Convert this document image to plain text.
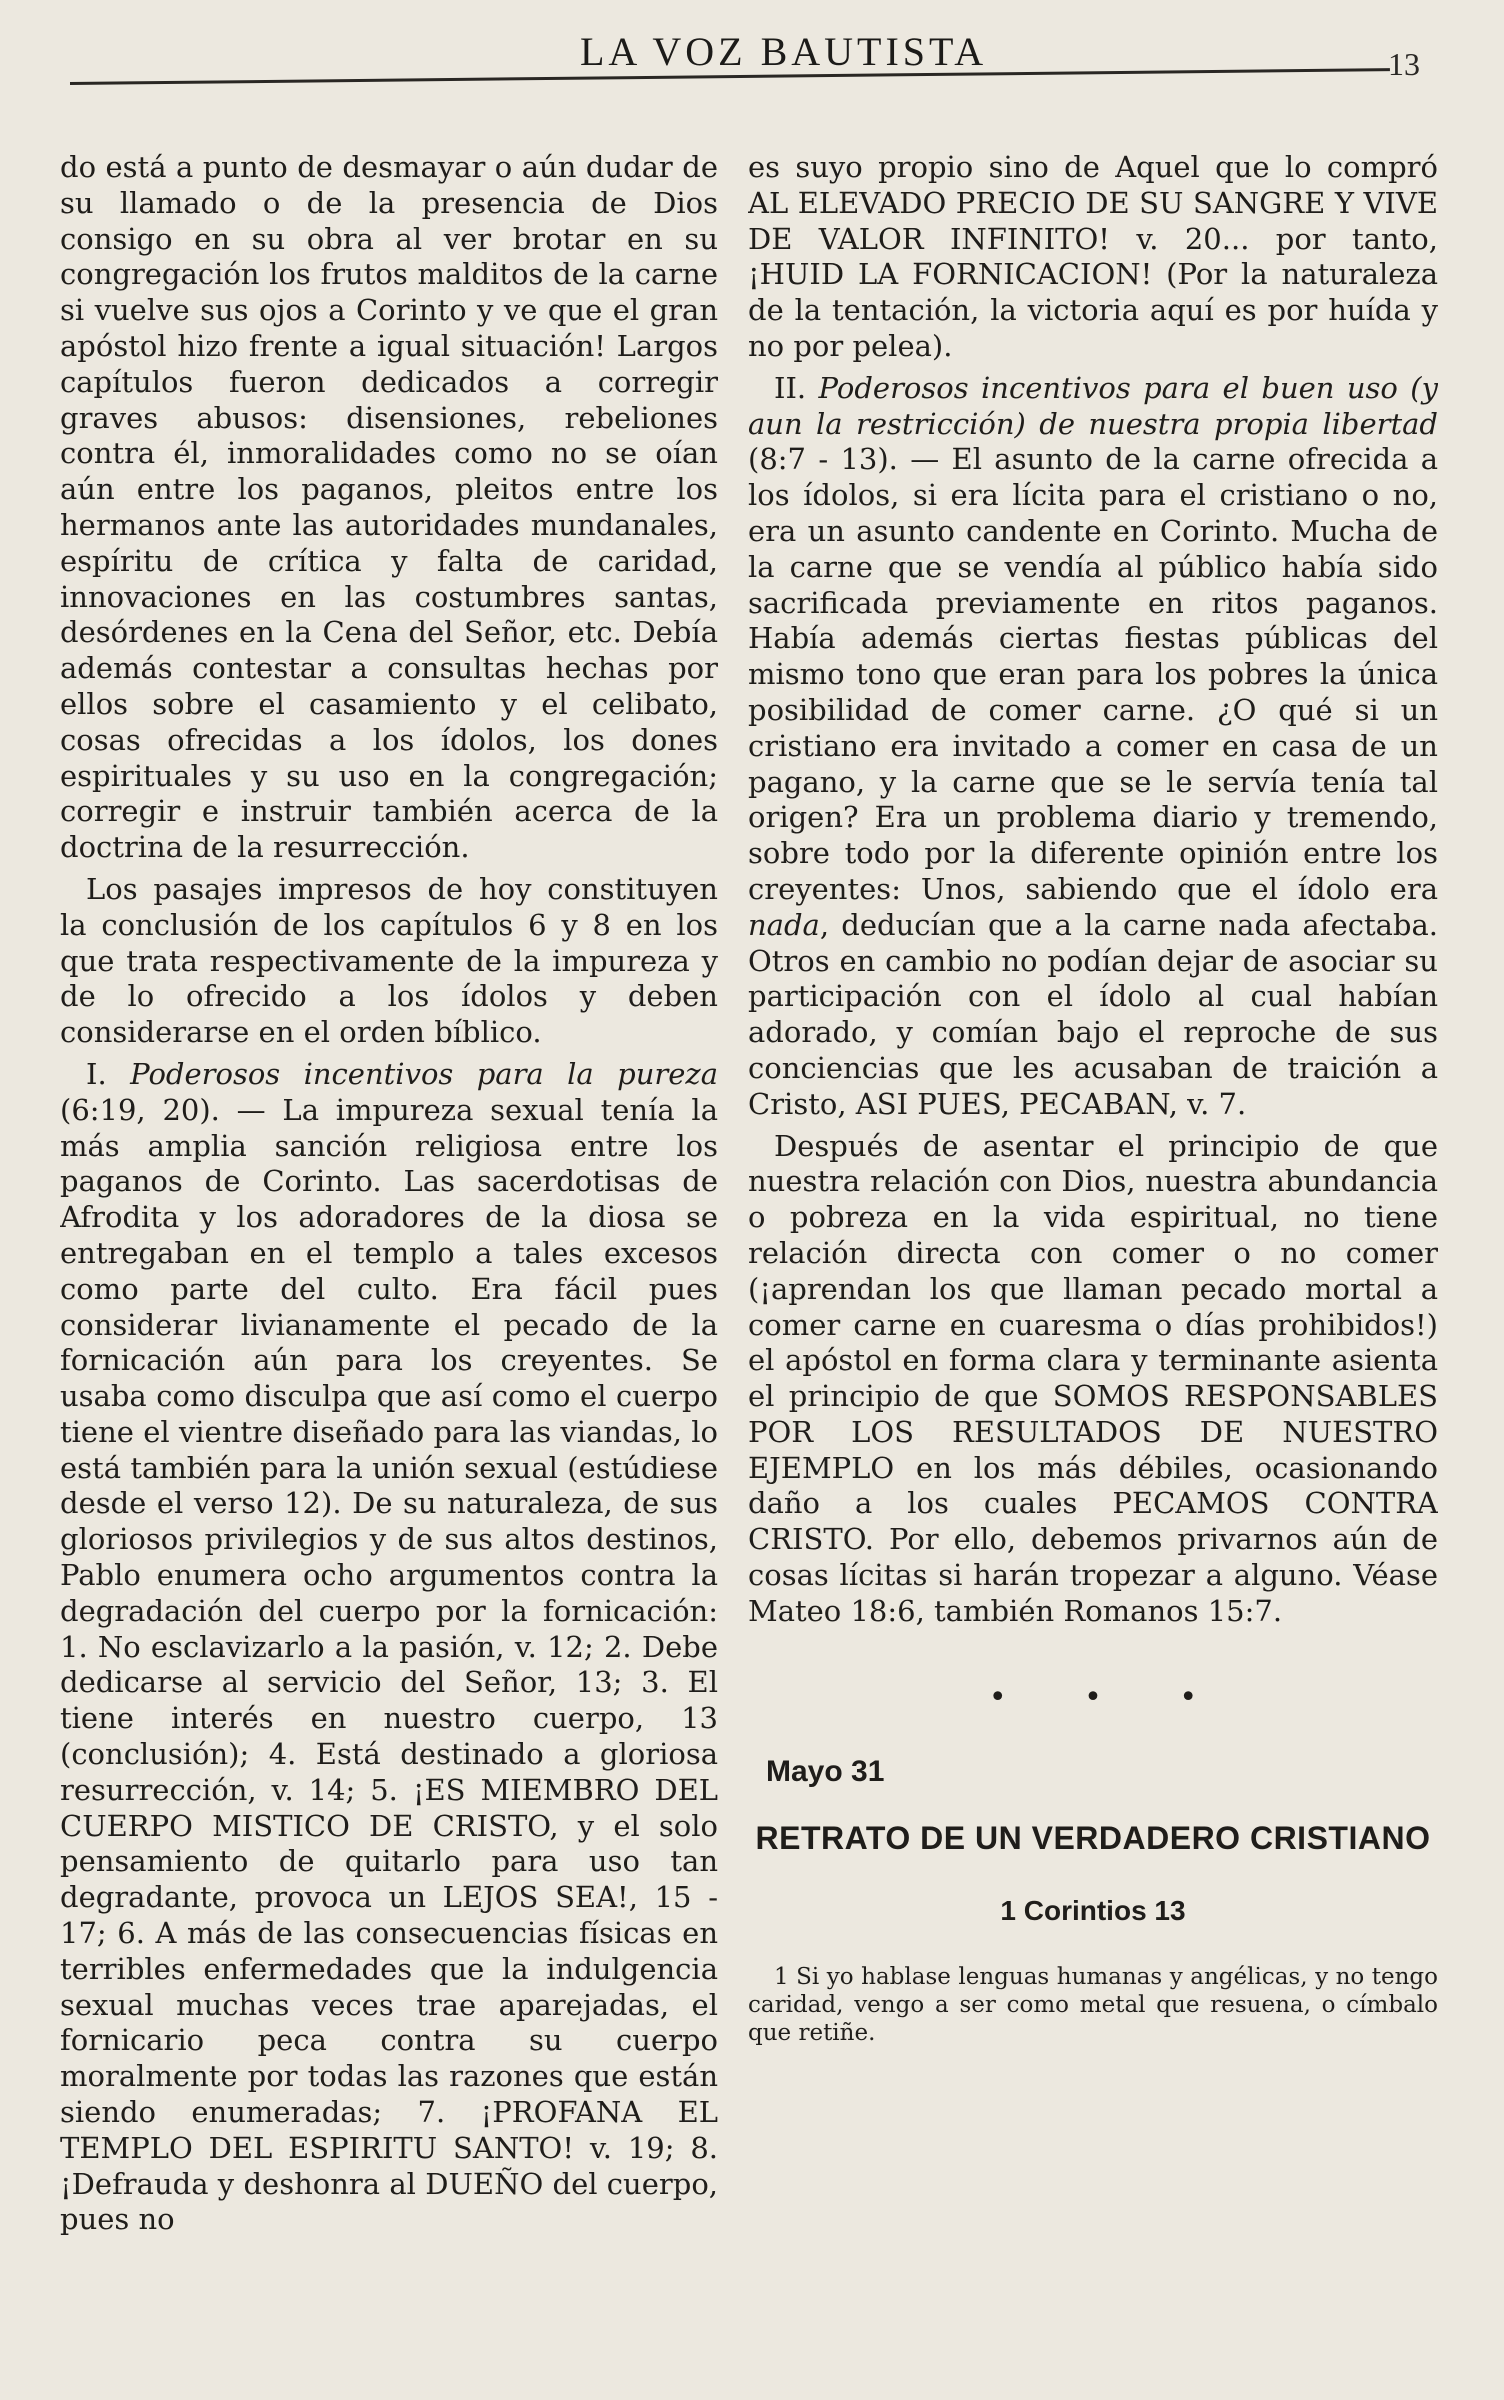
LA VOZ BAUTISTA	13

do está a punto de desmayar o aún dudar de su llamado o de la presencia de Dios consigo en su obra al ver brotar en su congregación los frutos malditos de la carne si vuelve sus ojos a Corinto y ve que el gran apóstol hizo frente a igual situación! Largos capítulos fueron dedicados a corregir graves abusos: disensiones, rebeliones contra él, inmoralidades como no se oían aún entre los paganos, pleitos entre los hermanos ante las autoridades mundanales, espíritu de crítica y falta de caridad, innovaciones en las costumbres santas, desórdenes en la Cena del Señor, etc. Debía además contestar a consultas hechas por ellos sobre el casamiento y el celibato, cosas ofrecidas a los ídolos, los dones espirituales y su uso en la congregación; corregir e instruir también acerca de la doctrina de la resurrección.

Los pasajes impresos de hoy constituyen la conclusión de los capítulos 6 y 8 en los que trata respectivamente de la impureza y de lo ofrecido a los ídolos y deben considerarse en el orden bíblico.

I. Poderosos incentivos para la pureza (6:19, 20). — La impureza sexual tenía la más amplia sanción religiosa entre los paganos de Corinto. Las sacerdotisas de Afrodita y los adoradores de la diosa se entregaban en el templo a tales excesos como parte del culto. Era fácil pues considerar livianamente el pecado de la fornicación aún para los creyentes. Se usaba como disculpa que así como el cuerpo tiene el vientre diseñado para las viandas, lo está también para la unión sexual (estúdiese desde el verso 12). De su naturaleza, de sus gloriosos privilegios y de sus altos destinos, Pablo enumera ocho argumentos contra la degradación del cuerpo por la fornicación: 1. No esclavizarlo a la pasión, v. 12; 2. Debe dedicarse al servicio del Señor, 13; 3. El tiene interés en nuestro cuerpo, 13 (conclusión); 4. Está destinado a gloriosa resurrección, v. 14; 5. ¡ES MIEMBRO DEL CUERPO MISTICO DE CRISTO, y el solo pensamiento de quitarlo para uso tan degradante, provoca un LEJOS SEA!, 15 - 17; 6. A más de las consecuencias físicas en terribles enfermedades que la indulgencia sexual muchas veces trae aparejadas, el fornicario peca contra su cuerpo moralmente por todas las razones que están siendo enumeradas; 7. ¡PROFANA EL TEMPLO DEL ESPIRITU SANTO! v. 19; 8. ¡Defrauda y deshonra al DUEÑO del cuerpo, pues no

es suyo propio sino de Aquel que lo compró AL ELEVADO PRECIO DE SU SANGRE Y VIVE DE VALOR INFINITO! v. 20... por tanto, ¡HUID LA FORNICACION! (Por la naturaleza de la tentación, la victoria aquí es por huída y no por pelea).

II. Poderosos incentivos para el buen uso (y aun la restricción) de nuestra propia libertad (8:7 - 13). — El asunto de la carne ofrecida a los ídolos, si era lícita para el cristiano o no, era un asunto candente en Corinto. Mucha de la carne que se vendía al público había sido sacrificada previamente en ritos paganos. Había además ciertas fiestas públicas del mismo tono que eran para los pobres la única posibilidad de comer carne. ¿O qué si un cristiano era invitado a comer en casa de un pagano, y la carne que se le servía tenía tal origen? Era un problema diario y tremendo, sobre todo por la diferente opinión entre los creyentes: Unos, sabiendo que el ídolo era nada, deducían que a la carne nada afectaba. Otros en cambio no podían dejar de asociar su participación con el ídolo al cual habían adorado, y comían bajo el reproche de sus conciencias que les acusaban de traición a Cristo, ASI PUES, PECABAN, v. 7.

Después de asentar el principio de que nuestra relación con Dios, nuestra abundancia o pobreza en la vida espiritual, no tiene relación directa con comer o no comer (¡aprendan los que llaman pecado mortal a comer carne en cuaresma o días prohibidos!) el apóstol en forma clara y terminante asienta el principio de que SOMOS RESPONSABLES POR LOS RESULTADOS DE NUESTRO EJEMPLO en los más débiles, ocasionando daño a los cuales PECAMOS CONTRA CRISTO. Por ello, debemos privarnos aún de cosas lícitas si harán tropezar a alguno. Véase Mateo 18:6, también Romanos 15:7.

• • •
Mayo 31
RETRATO DE UN VERDADERO CRISTIANO
1 Corintios 13

1 Si yo hablase lenguas humanas y angélicas, y no tengo caridad, vengo a ser como metal que resuena, o címbalo que retiñe.
